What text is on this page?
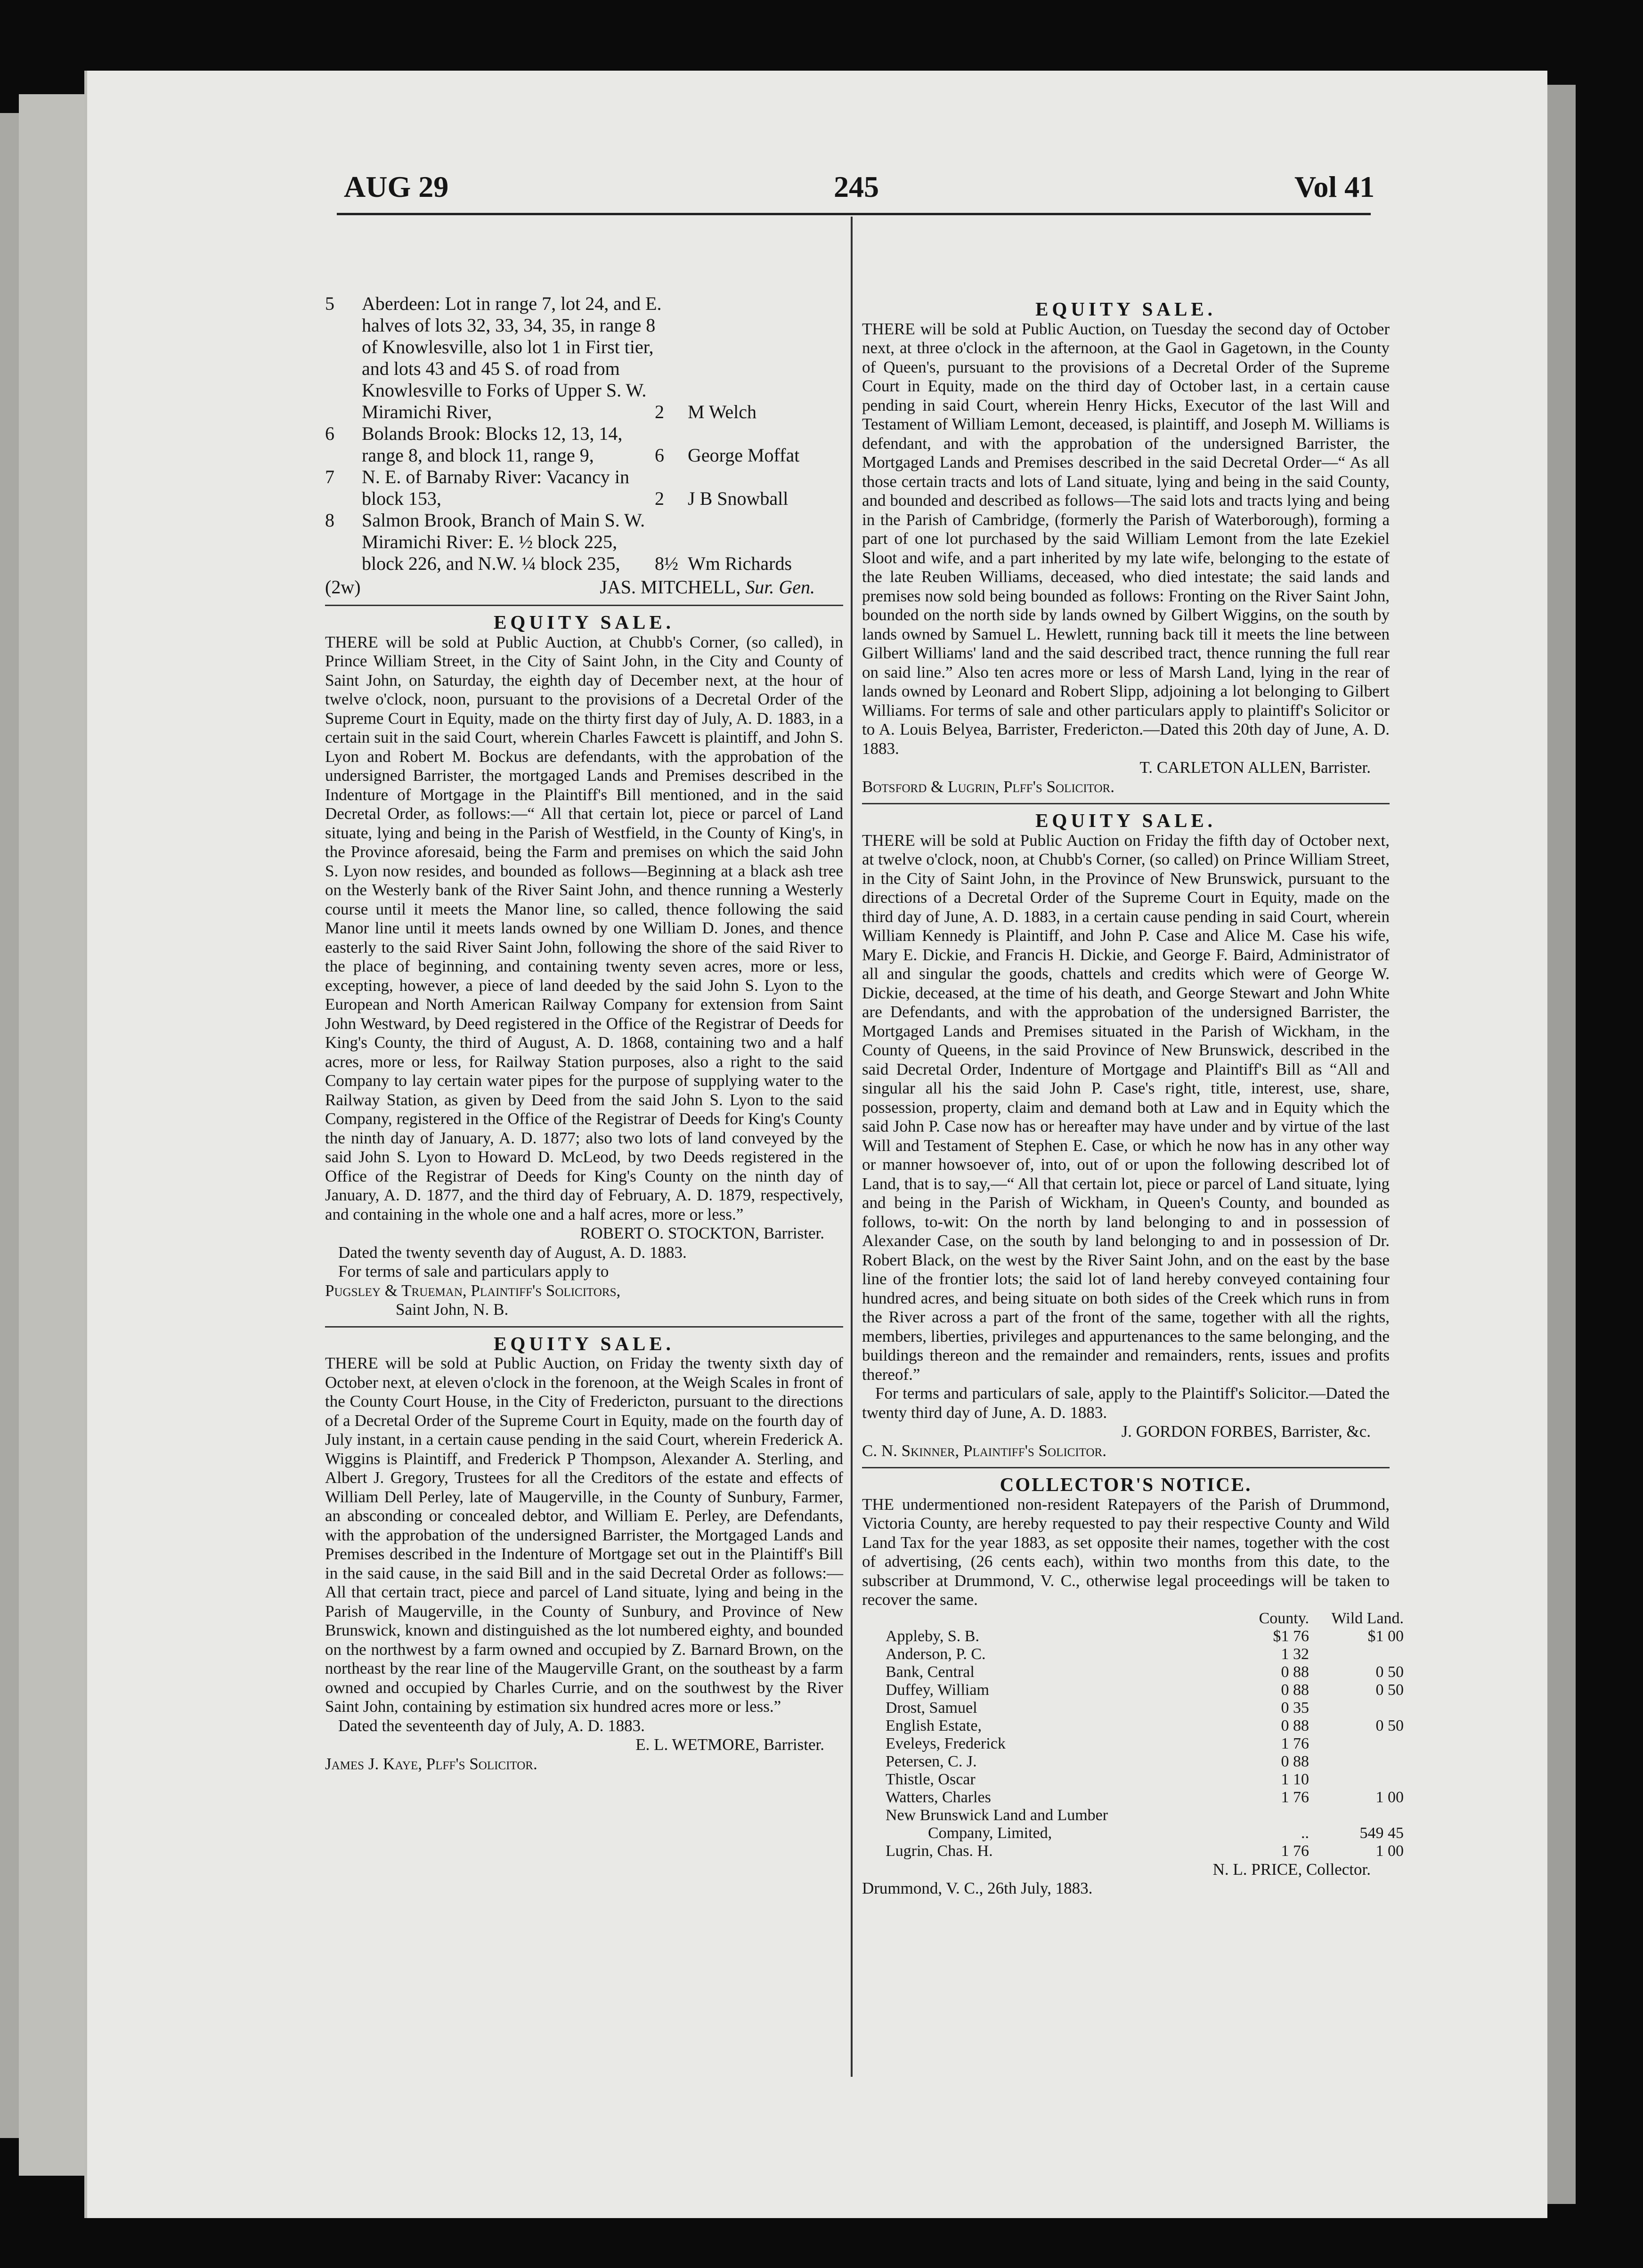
AUG 29	245	Vol 41
5	Aberdeen: Lot in range 7, lot 24, and E. halves of lots 32, 33, 34, 35, in range 8 of Knowlesville, also lot 1 in First tier, and lots 43 and 45 S. of road from Knowlesville to Forks of Upper S. W. Miramichi River,	2	M Welch
6	Bolands Brook: Blocks 12, 13, 14, range 8, and block 11, range 9,	6	George Moffat
7	N. E. of Barnaby River: Vacancy in block 153,	2	J B Snowball
8	Salmon Brook, Branch of Main S. W. Miramichi River: E. ½ block 225, block 226, and N.W. ¼ block 235,	8½ Wm Richards
(2w)	JAS. MITCHELL, Sur. Gen.

EQUITY SALE.

THERE will be sold at Public Auction, at Chubb's Corner, (so called), in Prince William Street, in the City of Saint John, in the City and County of Saint John, on Saturday, the eighth day of December next, at the hour of twelve o'clock, noon, pursuant to the provisions of a Decretal Order of the Supreme Court in Equity, made on the thirty first day of July, A. D. 1883, in a certain suit in the said Court, wherein Charles Fawcett is plaintiff, and John S. Lyon and Robert M. Bockus are defendants, with the approbation of the undersigned Barrister, the mortgaged Lands and Premises described in the Indenture of Mortgage in the Plaintiff's Bill mentioned, and in the said Decretal Order, as follows:—“ All that certain lot, piece or parcel of Land situate, lying and being in the Parish of Westfield, in the County of King's, in the Province aforesaid, being the Farm and premises on which the said John S. Lyon now resides, and bounded as follows—Beginning at a black ash tree on the Westerly bank of the River Saint John, and thence running a Westerly course until it meets the Manor line, so called, thence following the said Manor line until it meets lands owned by one William D. Jones, and thence easterly to the said River Saint John, following the shore of the said River to the place of beginning, and containing twenty seven acres, more or less, excepting, however, a piece of land deeded by the said John S. Lyon to the European and North American Railway Company for extension from Saint John Westward, by Deed registered in the Office of the Registrar of Deeds for King's County, the third of August, A. D. 1868, containing two and a half acres, more or less, for Railway Station purposes, also a right to the said Company to lay certain water pipes for the purpose of supplying water to the Railway Station, as given by Deed from the said John S. Lyon to the said Company, registered in the Office of the Registrar of Deeds for King's County the ninth day of January, A. D. 1877; also two lots of land conveyed by the said John S. Lyon to Howard D. McLeod, by two Deeds registered in the Office of the Registrar of Deeds for King's County on the ninth day of January, A. D. 1877, and the third day of February, A. D. 1879, respectively, and containing in the whole one and a half acres, more or less.”

ROBERT O. STOCKTON, Barrister.

Dated the twenty seventh day of August, A. D. 1883.

For terms of sale and particulars apply to

Pugsley & Trueman, Plaintiff's Solicitors,

Saint John, N. B.

EQUITY SALE.

THERE will be sold at Public Auction, on Friday the twenty sixth day of October next, at eleven o'clock in the forenoon, at the Weigh Scales in front of the County Court House, in the City of Fredericton, pursuant to the directions of a Decretal Order of the Supreme Court in Equity, made on the fourth day of July instant, in a certain cause pending in the said Court, wherein Frederick A. Wiggins is Plaintiff, and Frederick P Thompson, Alexander A. Sterling, and Albert J. Gregory, Trustees for all the Creditors of the estate and effects of William Dell Perley, late of Maugerville, in the County of Sunbury, Farmer, an absconding or concealed debtor, and William E. Perley, are Defendants, with the approbation of the undersigned Barrister, the Mortgaged Lands and Premises described in the Indenture of Mortgage set out in the Plaintiff's Bill in the said cause, in the said Bill and in the said Decretal Order as follows:—All that certain tract, piece and parcel of Land situate, lying and being in the Parish of Maugerville, in the County of Sunbury, and Province of New Brunswick, known and distinguished as the lot numbered eighty, and bounded on the northwest by a farm owned and occupied by Z. Barnard Brown, on the northeast by the rear line of the Maugerville Grant, on the southeast by a farm owned and occupied by Charles Currie, and on the southwest by the River Saint John, containing by estimation six hundred acres more or less.”

Dated the seventeenth day of July, A. D. 1883.

E. L. WETMORE, Barrister.

James J. Kaye, Plff's Solicitor.

EQUITY SALE.

THERE will be sold at Public Auction, on Tuesday the second day of October next, at three o'clock in the afternoon, at the Gaol in Gagetown, in the County of Queen's, pursuant to the provisions of a Decretal Order of the Supreme Court in Equity, made on the third day of October last, in a certain cause pending in said Court, wherein Henry Hicks, Executor of the last Will and Testament of William Lemont, deceased, is plaintiff, and Joseph M. Williams is defendant, and with the approbation of the undersigned Barrister, the Mortgaged Lands and Premises described in the said Decretal Order—“ As all those certain tracts and lots of Land situate, lying and being in the said County, and bounded and described as follows—The said lots and tracts lying and being in the Parish of Cambridge, (formerly the Parish of Waterborough), forming a part of one lot purchased by the said William Lemont from the late Ezekiel Sloot and wife, and a part inherited by my late wife, belonging to the estate of the late Reuben Williams, deceased, who died intestate; the said lands and premises now sold being bounded as follows: Fronting on the River Saint John, bounded on the north side by lands owned by Gilbert Wiggins, on the south by lands owned by Samuel L. Hewlett, running back till it meets the line between Gilbert Williams' land and the said described tract, thence running the full rear on said line.” Also ten acres more or less of Marsh Land, lying in the rear of lands owned by Leonard and Robert Slipp, adjoining a lot belonging to Gilbert Williams. For terms of sale and other particulars apply to plaintiff's Solicitor or to A. Louis Belyea, Barrister, Fredericton.—Dated this 20th day of June, A. D. 1883.

T. CARLETON ALLEN, Barrister.

Botsford & Lugrin, Plff's Solicitor.

EQUITY SALE.

THERE will be sold at Public Auction on Friday the fifth day of October next, at twelve o'clock, noon, at Chubb's Corner, (so called) on Prince William Street, in the City of Saint John, in the Province of New Brunswick, pursuant to the directions of a Decretal Order of the Supreme Court in Equity, made on the third day of June, A. D. 1883, in a certain cause pending in said Court, wherein William Kennedy is Plaintiff, and John P. Case and Alice M. Case his wife, Mary E. Dickie, and Francis H. Dickie, and George F. Baird, Administrator of all and singular the goods, chattels and credits which were of George W. Dickie, deceased, at the time of his death, and George Stewart and John White are Defendants, and with the approbation of the undersigned Barrister, the Mortgaged Lands and Premises situated in the Parish of Wickham, in the County of Queens, in the said Province of New Brunswick, described in the said Decretal Order, Indenture of Mortgage and Plaintiff's Bill as “All and singular all his the said John P. Case's right, title, interest, use, share, possession, property, claim and demand both at Law and in Equity which the said John P. Case now has or hereafter may have under and by virtue of the last Will and Testament of Stephen E. Case, or which he now has in any other way or manner howsoever of, into, out of or upon the following described lot of Land, that is to say,—“ All that certain lot, piece or parcel of Land situate, lying and being in the Parish of Wickham, in Queen's County, and bounded as follows, to-wit: On the north by land belonging to and in possession of Alexander Case, on the south by land belonging to and in possession of Dr. Robert Black, on the west by the River Saint John, and on the east by the base line of the frontier lots; the said lot of land hereby conveyed containing four hundred acres, and being situate on both sides of the Creek which runs in from the River across a part of the front of the same, together with all the rights, members, liberties, privileges and appurtenances to the same belonging, and the buildings thereon and the remainder and remainders, rents, issues and profits thereof.”

For terms and particulars of sale, apply to the Plaintiff's Solicitor.—Dated the twenty third day of June, A. D. 1883.

J. GORDON FORBES, Barrister, &c.

C. N. Skinner, Plaintiff's Solicitor.

COLLECTOR'S NOTICE.

THE undermentioned non-resident Ratepayers of the Parish of Drummond, Victoria County, are hereby requested to pay their respective County and Wild Land Tax for the year 1883, as set opposite their names, together with the cost of advertising, (26 cents each), within two months from this date, to the subscriber at Drummond, V. C., otherwise legal proceedings will be taken to recover the same.

	County.	Wild Land.
Appleby, S. B.	$1 76	$1 00
Anderson, P. C.	1 32	
Bank, Central	0 88	0 50
Duffey, William	0 88	0 50
Drost, Samuel	0 35	
English Estate,	0 88	0 50
Eveleys, Frederick	1 76	
Petersen, C. J.	0 88	
Thistle, Oscar	1 10	
Watters, Charles	1 76	1 00
New Brunswick Land and Lumber		
Company, Limited,	..	549 45
Lugrin, Chas. H.	1 76	1 00

N. L. PRICE, Collector.

Drummond, V. C., 26th July, 1883.
